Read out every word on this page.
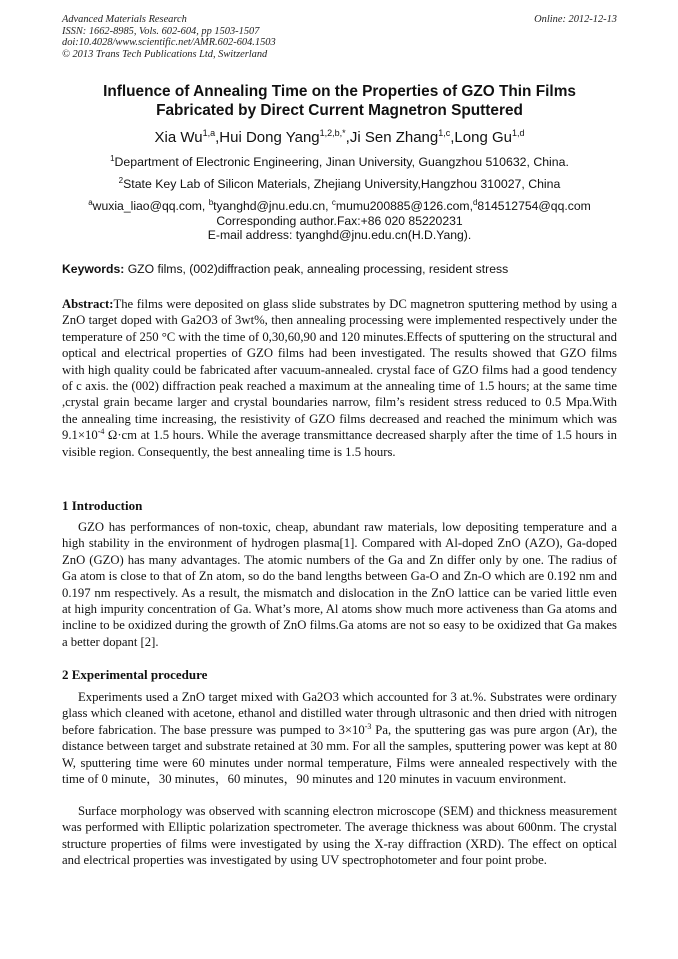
Advanced Materials Research
ISSN: 1662-8985, Vols. 602-604, pp 1503-1507
doi:10.4028/www.scientific.net/AMR.602-604.1503
© 2013 Trans Tech Publications Ltd, Switzerland
Online: 2012-12-13
Influence of Annealing Time on the Properties of GZO Thin Films
Fabricated by Direct Current Magnetron Sputtered
Xia Wu$^{1,a}$,Hui Dong Yang$^{1,2,b,*}$,Ji Sen Zhang$^{1,c}$,Long Gu$^{1,d}$
$^1$Department of Electronic Engineering, Jinan University, Guangzhou 510632, China.
$^2$State Key Lab of Silicon Materials, Zhejiang University,Hangzhou 310027, China
$^a$wuxia_liao@qq.com, $^b$tyanghd@jnu.edu.cn, $^c$mumu200885@126.com,$^d$814512754@qq.com
Corresponding author.Fax:+86 020 85220231
E-mail address: tyanghd@jnu.edu.cn(H.D.Yang).
Keywords: GZO films, (002)diffraction peak, annealing processing, resident stress
Abstract:The films were deposited on glass slide substrates by DC magnetron sputtering method by using a ZnO target doped with Ga2O3 of 3wt%, then annealing processing were implemented respectively under the temperature of 250 °C with the time of 0,30,60,90 and 120 minutes.Effects of sputtering on the structural and optical and electrical properties of GZO films had been investigated. The results showed that GZO films with high quality could be fabricated after vacuum-annealed. crystal face of GZO films had a good tendency of c axis. the (002) diffraction peak reached a maximum at the annealing time of 1.5 hours; at the same time ,crystal grain became larger and crystal boundaries narrow, film’s resident stress reduced to 0.5 Mpa.With the annealing time increasing, the resistivity of GZO films decreased and reached the minimum which was $9.1\times 10^{-4}$ Ω·cm at 1.5 hours. While the average transmittance decreased sharply after the time of 1.5 hours in visible region. Consequently, the best annealing time is 1.5 hours.
1 Introduction
GZO has performances of non-toxic, cheap, abundant raw materials, low depositing temperature and a high stability in the environment of hydrogen plasma[1]. Compared with Al-doped ZnO (AZO), Ga-doped ZnO (GZO) has many advantages. The atomic numbers of the Ga and Zn differ only by one. The radius of Ga atom is close to that of Zn atom, so do the band lengths between Ga-O and Zn-O which are 0.192 nm and 0.197 nm respectively. As a result, the mismatch and dislocation in the ZnO lattice can be varied little even at high impurity concentration of Ga. What’s more, Al atoms show much more activeness than Ga atoms and incline to be oxidized during the growth of ZnO films.Ga atoms are not so easy to be oxidized that Ga makes a better dopant [2].
2 Experimental procedure
Experiments used a ZnO target mixed with Ga2O3 which accounted for 3 at.%. Substrates were ordinary glass which cleaned with acetone, ethanol and distilled water through ultrasonic and then dried with nitrogen before fabrication. The base pressure was pumped to $3\times 10^{-3}$ Pa, the sputtering gas was pure argon (Ar), the distance between target and substrate retained at 30 mm. For all the samples, sputtering power was kept at 80 W, sputtering time were 60 minutes under normal temperature, Films were annealed respectively with the time of 0 minute，30 minutes，60 minutes，90 minutes and 120 minutes in vacuum environment.
Surface morphology was observed with scanning electron microscope (SEM) and thickness measurement was performed with Elliptic polarization spectrometer. The average thickness was about 600nm. The crystal structure properties of films were investigated by using the X-ray diffraction (XRD). The effect on optical and electrical properties was investigated by using UV spectrophotometer and four point probe.
